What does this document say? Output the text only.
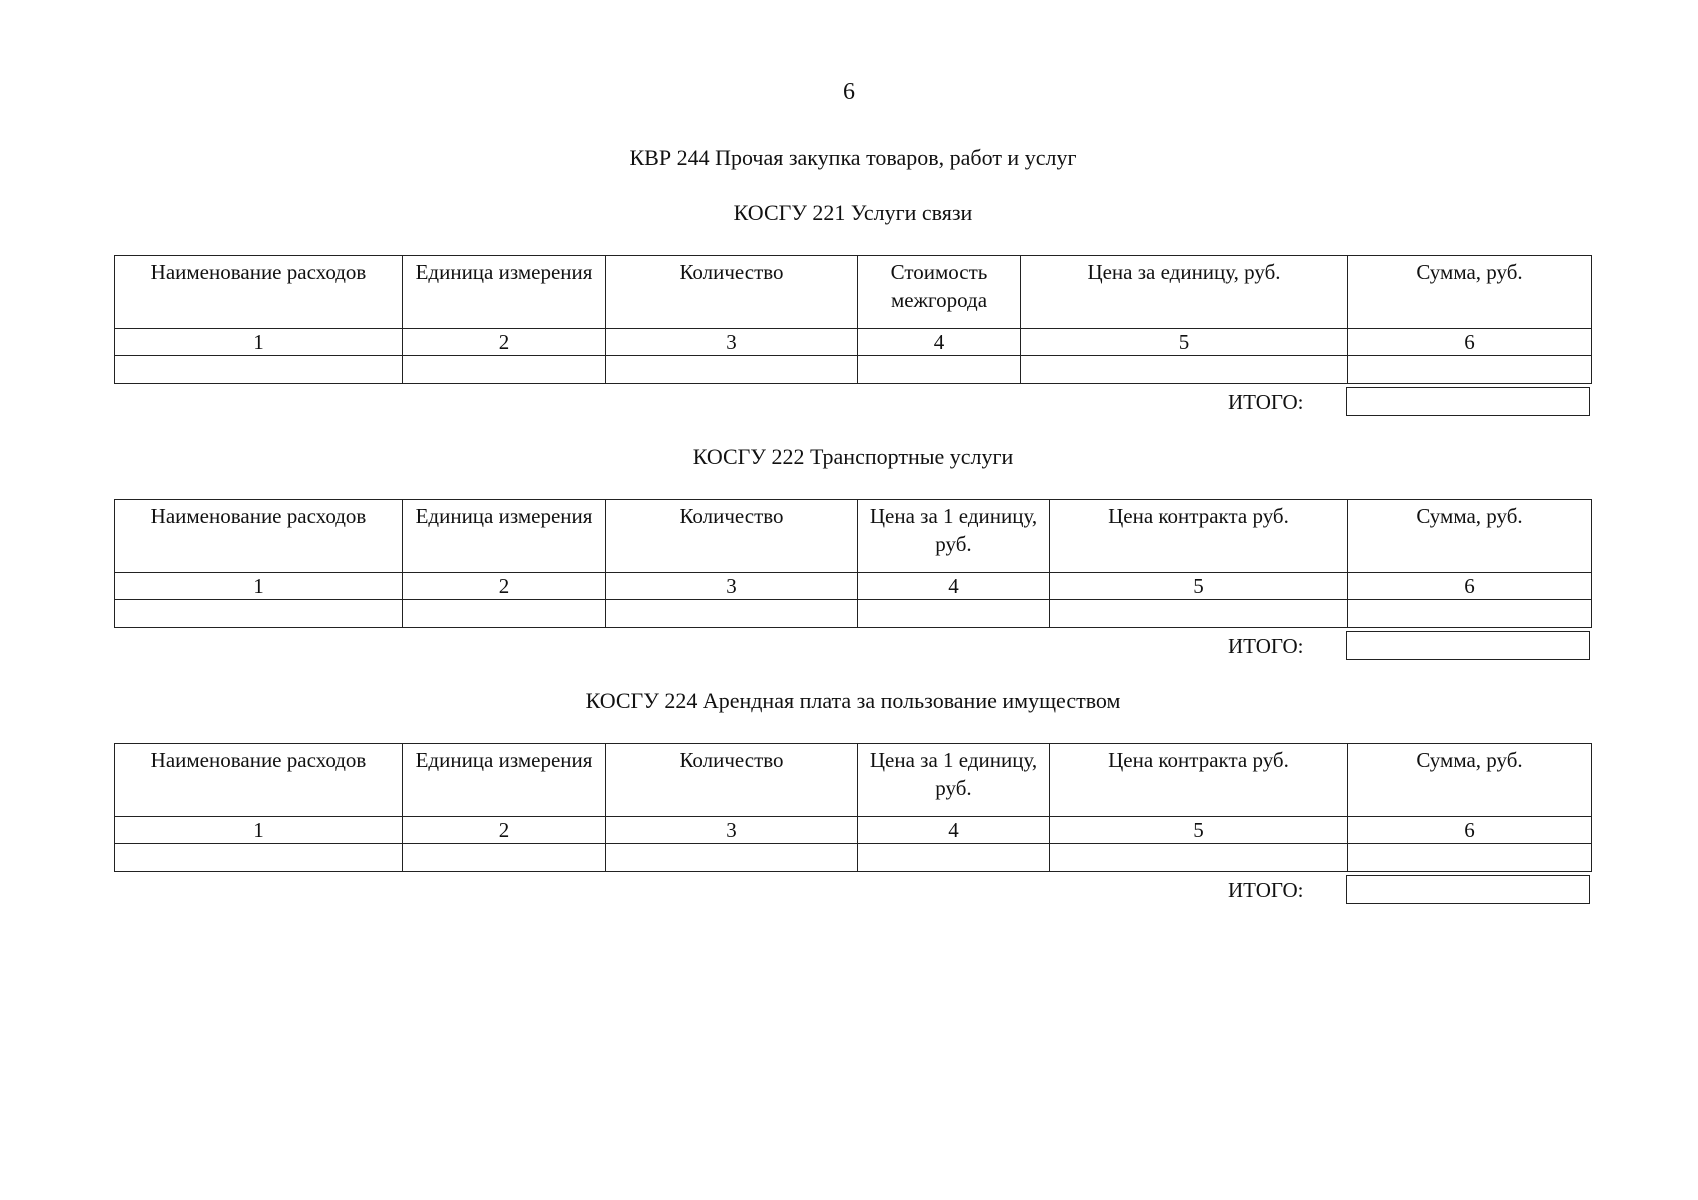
6
КВР 244 Прочая закупка товаров, работ и услуг
КОСГУ 221 Услуги связи
Наименование расходов	Единица измерения	Количество	Стоимость межгорода	Цена за единицу, руб.	Сумма, руб.
1	2	3	4	5	6

ИТОГО:
КОСГУ 222 Транспортные услуги
Наименование расходов	Единица измерения	Количество	Цена за 1 единицу, руб.	Цена контракта руб.	Сумма, руб.
1	2	3	4	5	6

ИТОГО:
КОСГУ 224 Арендная плата за пользование имуществом
Наименование расходов	Единица измерения	Количество	Цена за 1 единицу, руб.	Цена контракта руб.	Сумма, руб.
1	2	3	4	5	6

ИТОГО:
